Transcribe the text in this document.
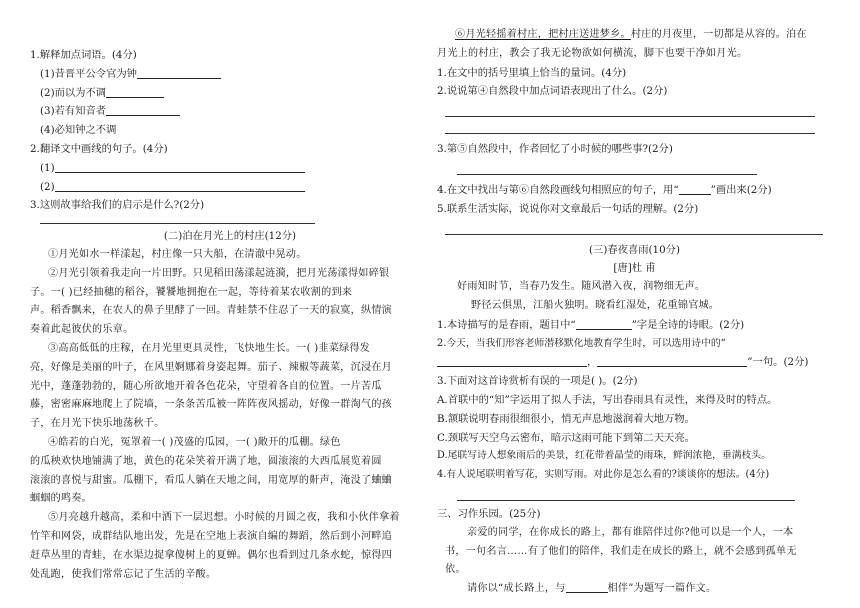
1.解释加点词语。(4分)
(1)昔晋平公令官为钟
(2)而以为不调
(3)若有知音者
(4)必知钟之不调
2.翻译文中画线的句子。(4分)
(1)
(2)
3.这则故事给我们的启示是什么?(2分)
(二)泊在月光上的村庄(12分)
①月光如水一样漾起，村庄像一只大船，在清澈中晃动。
②月光引领着我走向一片田野。只见稻田荡漾起涟漪，把月光荡漾得如碎银
子。一( )已经抽穗的稻谷，饕饕地拥抱在一起，等待着某农收割的到来
声。稻香飘来，在农人的鼻子里酵了一回。青蛙禁不住忍了一天的寂寞，纵情演
奏着此起彼伏的乐章。
③高高低低的庄稼，在月光里更具灵性，飞快地生长。一( )韭菜绿得发
亮，好像是美丽的叶子，在风里婀娜着身姿起舞。茄子、辣椒等蔬菜，沉浸在月
光中，蓬蓬勃勃的，随心所欲地开着各色花朵，守望着各自的位置。一片苦瓜
藤，密密麻麻地爬上了院墙，一条条苦瓜被一阵阵夜风摇动，好像一群淘气的孩
子，在月光下快乐地荡秋千。
④皓若的白光，冤罩着一( )茂盛的瓜园，一( )敞开的瓜棚。绿色
的瓜秧欢快地铺满了地，黄色的花朵笑着开满了地，圆滚滚的大西瓜展览着圆
滚滚的喜悦与甜蜜。瓜棚下，看瓜人躺在天地之间，用宽厚的鼾声，淹没了蛐蛐
蝈蝈的鸣奏。
⑤月亮越升越高，柔和中洒下一层迟想。小时候的月圆之夜，我和小伙伴拿着
竹竿和网袋，成群结队地出发，先是在空地上表演自编的舞蹈，然后到小河畔追
赶草丛里的青蛙，在水渠边捉拿傻树上的夏蝉。偶尔也看到过几条水蛇，惊得四
处乱跑，使我们常常忘记了生活的辛酸。
⑥月光轻摇着村庄，把村庄送进梦乡。村庄的月夜里，一切都是从容的。泊在
月光上的村庄，教会了我无论物欲如何横流，脚下也要干净如月光。
1.在文中的括号里填上恰当的量词。(4分)
2.说说第④自然段中加点词语表现出了什么。(2分)
3.第⑤自然段中，作者回忆了小时候的哪些事?(2分)
4.在文中找出与第⑥自然段画线句相照应的句子，用“	”画出来(2分)
5.联系生活实际，说说你对文章最后一句话的理解。(2分)
(三)春夜喜雨(10分)
[唐]杜 甫
好雨知时节，当春乃发生。随风潜入夜，润物细无声。
野径云俱黑，江船火独明。晓看红湿处，花重锦官城。
1.本诗描写的是春雨，题目中“	”字是全诗的诗眼。(2分)
2.今天，当我们形容老师潜移默化地教育学生时，可以选用诗中的“
，	”一句。(2分)
3.下面对这首诗赏析有误的一项是( )。(2分)
A.首联中的“知”字运用了拟人手法，写出春雨具有灵性，来得及时的特点。
B.颔联说明春雨很细很小，悄无声息地滋润着大地万物。
C.颈联写天空乌云密布，暗示这雨可能下到第二天天亮。
D.尾联写诗人想象雨后的美景，红花带着晶莹的雨珠，鲜润浓艳，垂满枝头。
4.有人说尾联明着写花，实则写雨。对此你是怎么看的?谈谈你的想法。(4分)
三、习作乐园。(25分)
亲爱的同学，在你成长的路上，都有谁陪伴过你?他可以是一个人，一本
书，一句名言……有了他们的陪伴，我们走在成长的路上，就不会感到孤单无
依。
请你以“成长路上，与	相伴”为题写一篇作文。
